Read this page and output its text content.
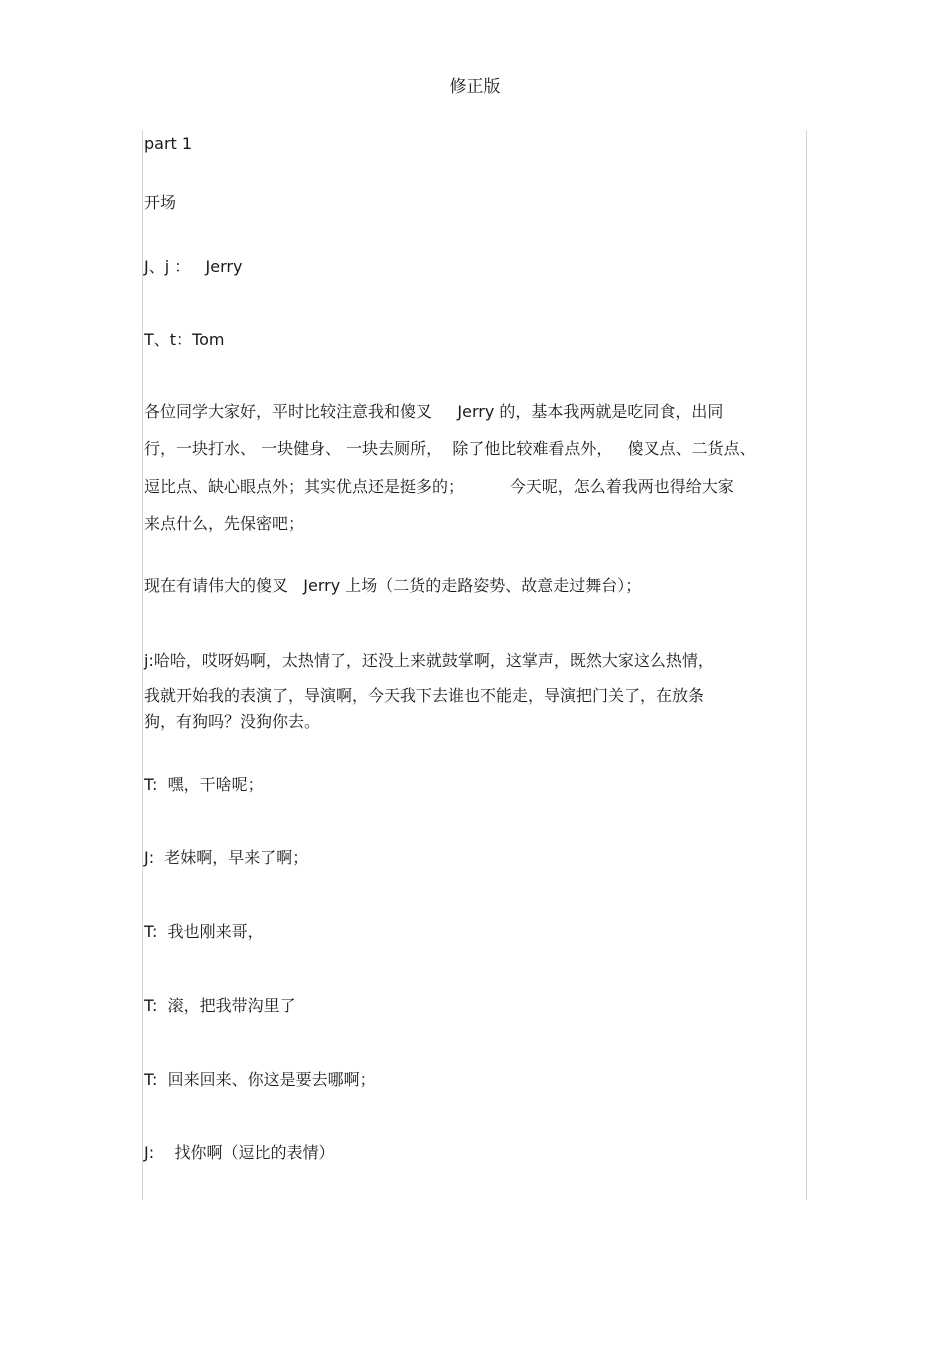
修正版
part 1
开场
J、j ：   Jerry
T、t：Tom
各位同学大家好，平时比较注意我和傻叉     Jerry 的，基本我两就是吃同食，出同
行，一块打水、 一块健身、 一块去厕所，  除了他比较难看点外，   傻叉点、二货点、
逗比点、缺心眼点外；其实优点还是挺多的；         今天呢，怎么着我两也得给大家
来点什么，先保密吧；
现在有请伟大的傻叉   Jerry 上场（二货的走路姿势、故意走过舞台）；
j:哈哈，哎呀妈啊，太热情了，还没上来就鼓掌啊，这掌声，既然大家这么热情，
我就开始我的表演了，导演啊，今天我下去谁也不能走，导演把门关了，在放条
狗，有狗吗？没狗你去。
T:  嘿，干啥呢；
J:  老妹啊，早来了啊；
T:  我也刚来哥，
T:  滚，把我带沟里了
T:  回来回来、你这是要去哪啊；
J:    找你啊（逗比的表情）
